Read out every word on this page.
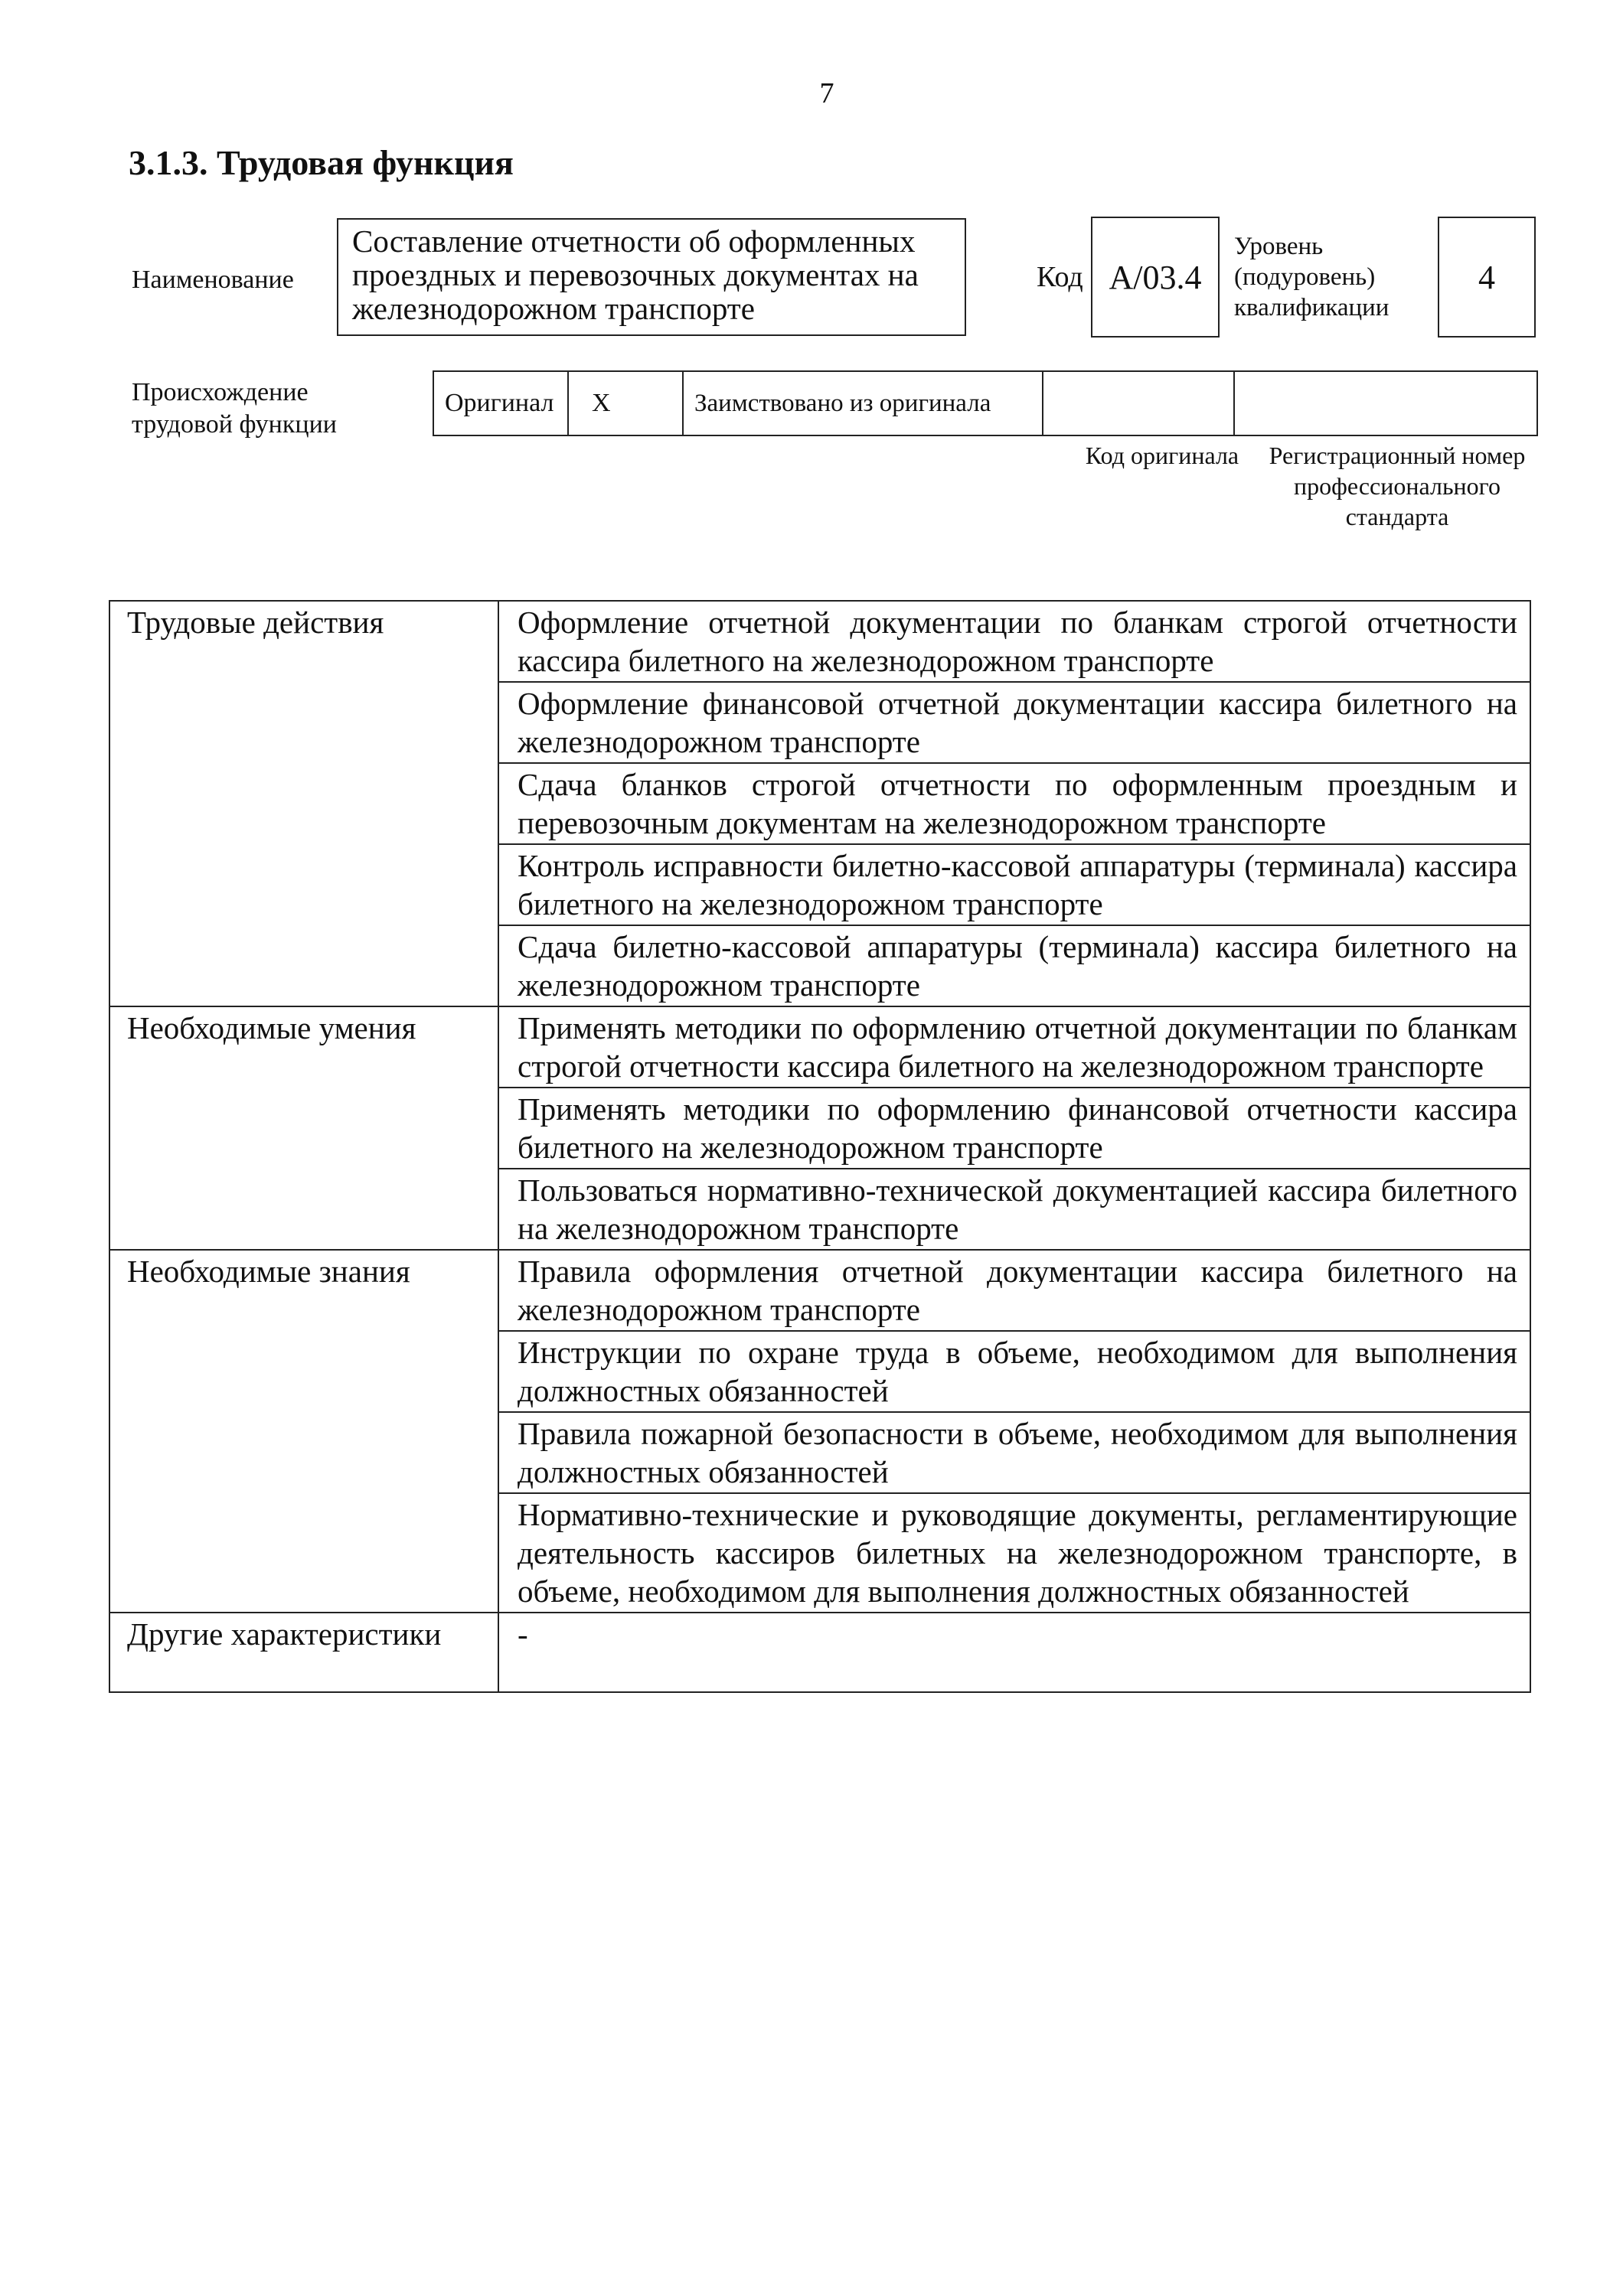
7
3.1.3. Трудовая функция
Наименование
Составление отчетности об оформленных проездных и перевозочных документах на железнодорожном транспорте
Код A/03.4
Уровень (подуровень) квалификации
4
Происхождение трудовой функции
Оригинал	X	Заимствовано из оригинала		
Код оригинала	Регистрационный номер профессионального стандарта
Трудовые действия	Оформление отчетной документации по бланкам строгой отчетности кассира билетного на железнодорожном транспорте
	Оформление финансовой отчетной документации кассира билетного на железнодорожном транспорте
	Сдача бланков строгой отчетности по оформленным проездным и перевозочным документам на железнодорожном транспорте
	Контроль исправности билетно-кассовой аппаратуры (терминала) кассира билетного на железнодорожном транспорте
	Сдача билетно-кассовой аппаратуры (терминала) кассира билетного на железнодорожном транспорте
Необходимые умения	Применять методики по оформлению отчетной документации по бланкам строгой отчетности кассира билетного на железнодорожном транспорте
	Применять методики по оформлению финансовой отчетности кассира билетного на железнодорожном транспорте
	Пользоваться нормативно-технической документацией кассира билетного на железнодорожном транспорте
Необходимые знания	Правила оформления отчетной документации кассира билетного на железнодорожном транспорте
	Инструкции по охране труда в объеме, необходимом для выполнения должностных обязанностей
	Правила пожарной безопасности в объеме, необходимом для выполнения должностных обязанностей
	Нормативно-технические и руководящие документы, регламентирующие деятельность кассиров билетных на железнодорожном транспорте, в объеме, необходимом для выполнения должностных обязанностей
Другие характеристики	-
